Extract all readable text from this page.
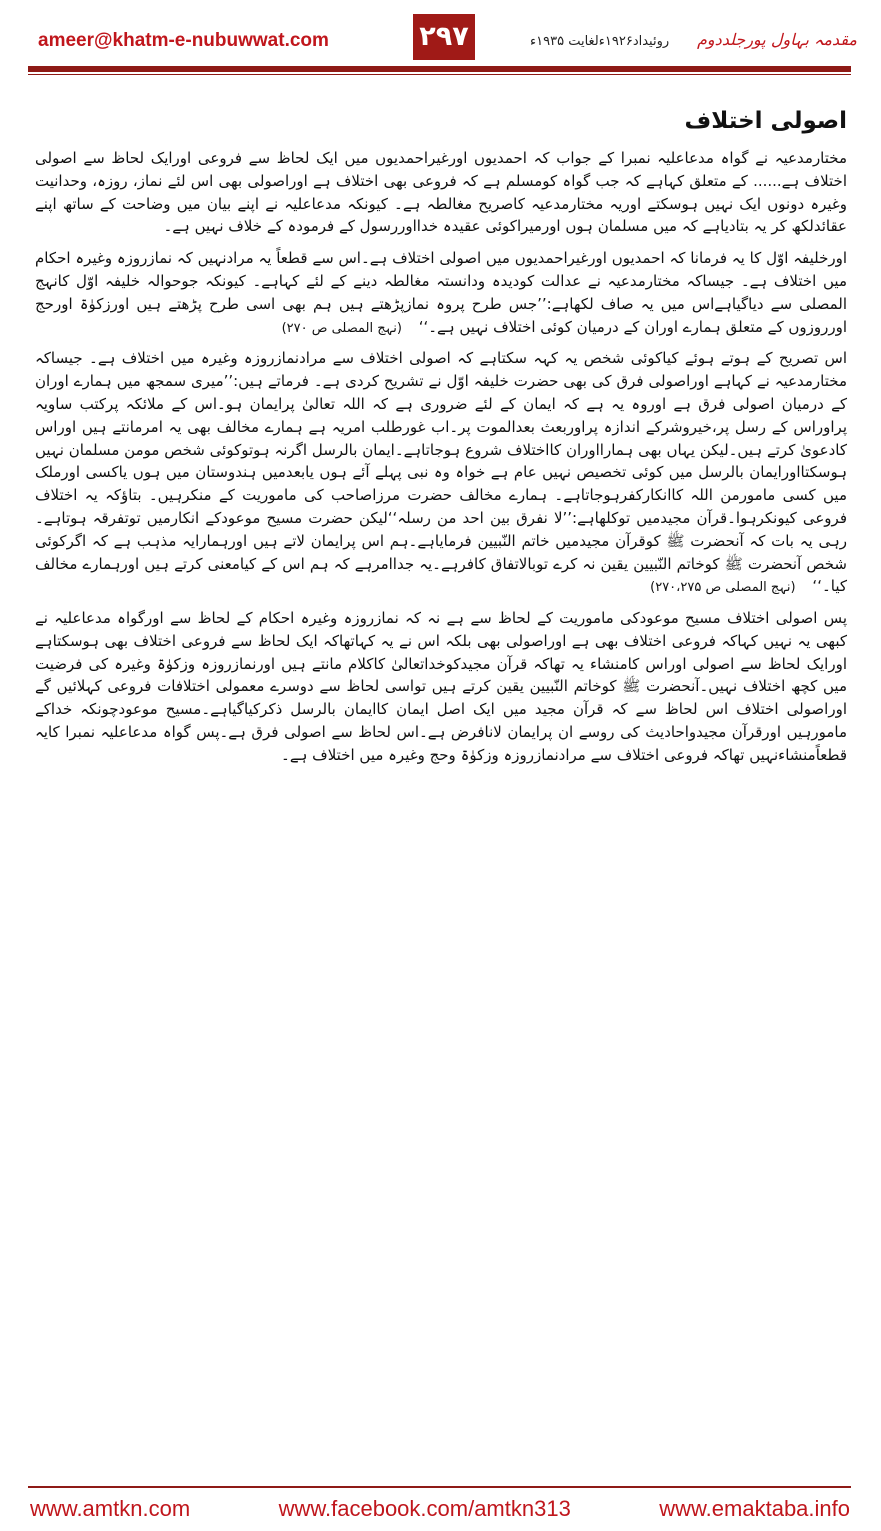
ameer@khatm-e-nubuwwat.com	۲۹۷	روئیداد۱۹۲۶ءلغایت ۱۹۳۵ء مقدمہ بہاول پورجلددوم
اصولی اختلاف

مختارمدعیہ نے گواہ مدعاعلیہ نمبرا کے جواب کہ احمدیوں اورغیراحمدیوں میں ایک لحاظ سے فروعی اورایک لحاظ سے اصولی اختلاف ہے...... کے متعلق کہاہے کہ جب گواہ کومسلم ہے کہ فروعی بھی اختلاف ہے اوراصولی بھی اس لئے نماز، روزہ، وحدانیت وغیرہ دونوں ایک نہیں ہوسکتے اوریہ مختارمدعیہ کاصریح مغالطہ ہے۔ کیونکہ مدعاعلیہ نے اپنے بیان میں وضاحت کے ساتھ اپنے عقائدلکھ کر یہ بتادیاہے کہ میں مسلمان ہوں اورمیراکوئی عقیدہ خدااوررسول کے فرمودہ کے خلاف نہیں ہے۔

اورخلیفہ اوّل کا یہ فرمانا کہ احمدیوں اورغیراحمدیوں میں اصولی اختلاف ہے۔اس سے قطعاً یہ مرادنہیں کہ نمازروزہ وغیرہ احکام میں اختلاف ہے۔ جیساکہ مختارمدعیہ نے عدالت کودیدہ ودانستہ مغالطہ دینے کے لئے کہاہے۔ کیونکہ جوحوالہ خلیفہ اوّل کانہج المصلی سے دیاگیاہےاس میں یہ صاف لکھاہے:’’جس طرح پروہ نمازپڑھتے ہیں ہم بھی اسی طرح پڑھتے ہیں اورزکوٰۃ اورحج اورروزوں کے متعلق ہمارے اوران کے درمیان کوئی اختلاف نہیں ہے۔‘‘ (نہج المصلی ص ۲۷۰)

اس تصریح کے ہوتے ہوئے کیاکوئی شخص یہ کہہ سکتاہے کہ اصولی اختلاف سے مرادنمازروزہ وغیرہ میں اختلاف ہے۔ جیساکہ مختارمدعیہ نے کہاہے اوراصولی فرق کی بھی حضرت خلیفہ اوّل نے تشریح کردی ہے۔ فرماتے ہیں:’’میری سمجھ میں ہمارے اوران کے درمیان اصولی فرق ہے اوروہ یہ ہے کہ ایمان کے لئے ضروری ہے کہ اللہ تعالیٰ پرایمان ہو۔اس کے ملائکہ پرکتب ساویہ پراوراس کے رسل پر،خیروشرکے اندازہ پراوربعث بعدالموت پر۔اب غورطلب امریہ ہے ہمارے مخالف بھی یہ امرمانتے ہیں اوراس کادعویٰ کرتے ہیں۔لیکن یہاں بھی ہمارااوران کااختلاف شروع ہوجاتاہے۔ایمان بالرسل اگرنہ ہوتوکوئی شخص مومن مسلمان نہیں ہوسکتااورایمان بالرسل میں کوئی تخصیص نہیں عام ہے خواہ وہ نبی پہلے آئے ہوں یابعدمیں ہندوستان میں ہوں یاکسی اورملک میں کسی مامورمن اللہ کاانکارکفرہوجاتاہے۔ ہمارے مخالف حضرت مرزاصاحب کی ماموریت کے منکرہیں۔ بتاؤکہ یہ اختلاف فروعی کیونکرہوا۔قرآن مجیدمیں توکلھاہے:’’لا نفرق بین احد من رسلہ‘‘لیکن حضرت مسیح موعودکے انکارمیں توتفرقہ ہوتاہے۔رہی یہ بات کہ آنحضرت ﷺ کوقرآن مجیدمیں خاتم النّبیین فرمایاہے۔ہم اس پرایمان لاتے ہیں اورہمارایہ مذہب ہے کہ اگرکوئی شخص آنحضرت ﷺ کوخاتم النّبیین یقین نہ کرے توبالاتفاق کافرہے۔یہ جداامرہے کہ ہم اس کے کیامعنی کرتے ہیں اورہمارے مخالف کیا۔‘‘ (نہج المصلی ص ۲۷۰،۲۷۵)

پس اصولی اختلاف مسیح موعودکی ماموریت کے لحاظ سے ہے نہ کہ نمازروزہ وغیرہ احکام کے لحاظ سے اورگواہ مدعاعلیہ نے کبھی یہ نہیں کہاکہ فروعی اختلاف بھی ہے اوراصولی بھی بلکہ اس نے یہ کہاتھاکہ ایک لحاظ سے فروعی اختلاف بھی ہوسکتاہے اورایک لحاظ سے اصولی اوراس کامنشاء یہ تھاکہ قرآن مجیدکوخداتعالیٰ کاکلام مانتے ہیں اورنمازروزہ وزکوٰۃ وغیرہ کی فرضیت میں کچھ اختلاف نہیں۔آنحضرت ﷺ کوخاتم النّبیین یقین کرتے ہیں تواسی لحاظ سے دوسرے معمولی اختلافات فروعی کہلائیں گے اوراصولی اختلاف اس لحاظ سے کہ قرآن مجید میں ایک اصل ایمان کاایمان بالرسل ذکرکیاگیاہے۔مسیح موعودچونکہ خداکے مامورہیں اورقرآن مجیدواحادیث کی روسے ان پرایمان لانافرض ہے۔اس لحاظ سے اصولی فرق ہے۔پس گواہ مدعاعلیہ نمبرا کایہ قطعاًمنشاءنہیں تھاکہ فروعی اختلاف سے مرادنمازروزہ وزکوٰۃ وحج وغیرہ میں اختلاف ہے۔

www.amtkn.com	www.facebook.com/amtkn313	www.emaktaba.info
